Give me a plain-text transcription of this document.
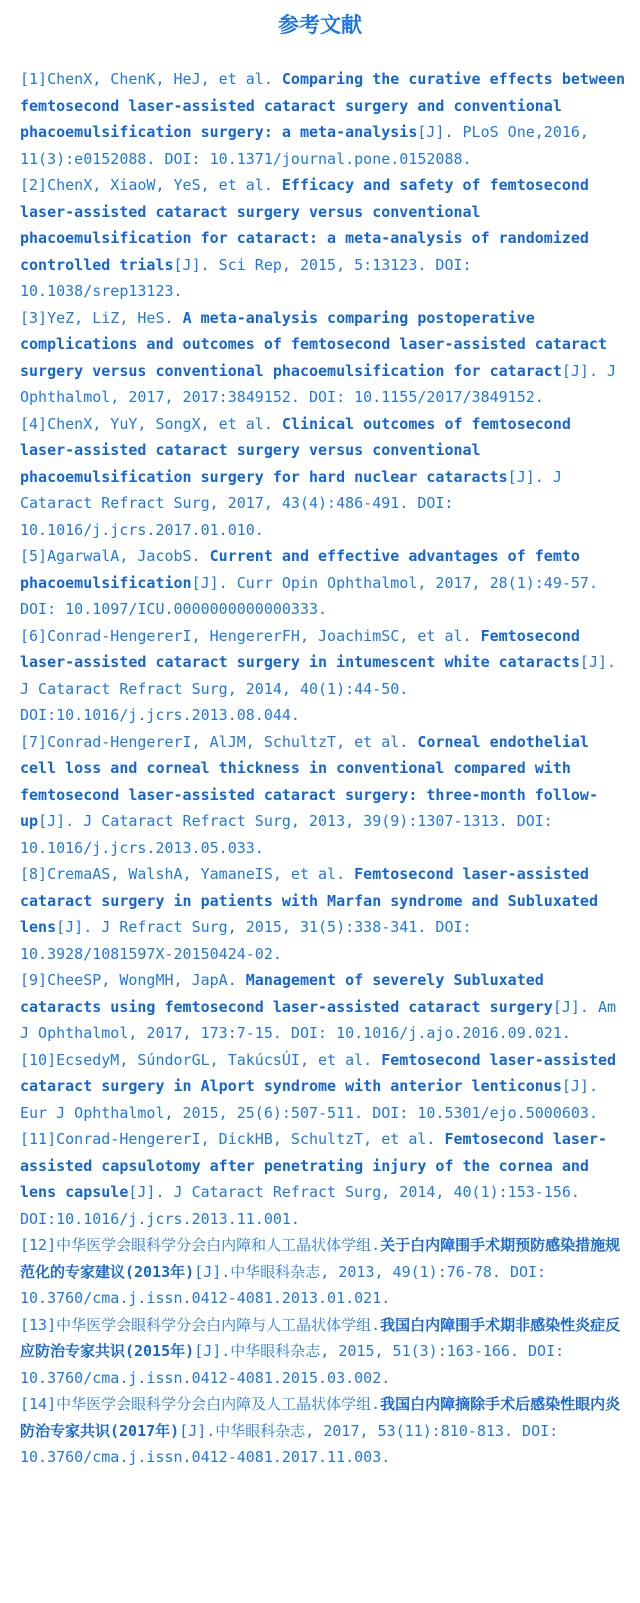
参考文献
[1]ChenX, ChenK, HeJ, et al. Comparing the curative effects between femtosecond laser-assisted cataract surgery and conventional phacoemulsification surgery: a meta-analysis[J]. PLoS One,2016, 11(3):e0152088. DOI: 10.1371/journal.pone.0152088.
[2]ChenX, XiaoW, YeS, et al. Efficacy and safety of femtosecond laser-assisted cataract surgery versus conventional phacoemulsification for cataract: a meta-analysis of randomized controlled trials[J]. Sci Rep, 2015, 5:13123. DOI: 10.1038/srep13123.
[3]YeZ, LiZ, HeS. A meta-analysis comparing postoperative complications and outcomes of femtosecond laser-assisted cataract surgery versus conventional phacoemulsification for cataract[J]. J Ophthalmol, 2017, 2017:3849152. DOI: 10.1155/2017/3849152.
[4]ChenX, YuY, SongX, et al. Clinical outcomes of femtosecond laser-assisted cataract surgery versus conventional phacoemulsification surgery for hard nuclear cataracts[J]. J Cataract Refract Surg, 2017, 43(4):486-491. DOI: 10.1016/j.jcrs.2017.01.010.
[5]AgarwalA, JacobS. Current and effective advantages of femto phacoemulsification[J]. Curr Opin Ophthalmol, 2017, 28(1):49-57. DOI: 10.1097/ICU.0000000000000333.
[6]Conrad-HengererI, HengererFH, JoachimSC, et al. Femtosecond laser-assisted cataract surgery in intumescent white cataracts[J]. J Cataract Refract Surg, 2014, 40(1):44-50. DOI:10.1016/j.jcrs.2013.08.044.
[7]Conrad-HengererI, AlJM, SchultzT, et al. Corneal endothelial cell loss and corneal thickness in conventional compared with femtosecond laser-assisted cataract surgery: three-month follow-up[J]. J Cataract Refract Surg, 2013, 39(9):1307-1313. DOI: 10.1016/j.jcrs.2013.05.033.
[8]CremaAS, WalshA, YamaneIS, et al. Femtosecond laser-assisted cataract surgery in patients with Marfan syndrome and Subluxated lens[J]. J Refract Surg, 2015, 31(5):338-341. DOI: 10.3928/1081597X-20150424-02.
[9]CheeSP, WongMH, JapA. Management of severely Subluxated cataracts using femtosecond laser-assisted cataract surgery[J]. Am J Ophthalmol, 2017, 173:7-15. DOI: 10.1016/j.ajo.2016.09.021.
[10]EcsedyM, SúndorGL, TakúcsÚI, et al. Femtosecond laser-assisted cataract surgery in Alport syndrome with anterior lenticonus[J]. Eur J Ophthalmol, 2015, 25(6):507-511. DOI: 10.5301/ejo.5000603.
[11]Conrad-HengererI, DickHB, SchultzT, et al. Femtosecond laser-assisted capsulotomy after penetrating injury of the cornea and lens capsule[J]. J Cataract Refract Surg, 2014, 40(1):153-156. DOI:10.1016/j.jcrs.2013.11.001.
[12]中华医学会眼科学分会白内障和人工晶状体学组.关于白内障围手术期预防感染措施规范化的专家建议(2013年)[J].中华眼科杂志, 2013, 49(1):76-78. DOI: 10.3760/cma.j.issn.0412-4081.2013.01.021.
[13]中华医学会眼科学分会白内障与人工晶状体学组.我国白内障围手术期非感染性炎症反应防治专家共识(2015年)[J].中华眼科杂志, 2015, 51(3):163-166. DOI: 10.3760/cma.j.issn.0412-4081.2015.03.002.
[14]中华医学会眼科学分会白内障及人工晶状体学组.我国白内障摘除手术后感染性眼内炎防治专家共识(2017年)[J].中华眼科杂志, 2017, 53(11):810-813. DOI: 10.3760/cma.j.issn.0412-4081.2017.11.003.
